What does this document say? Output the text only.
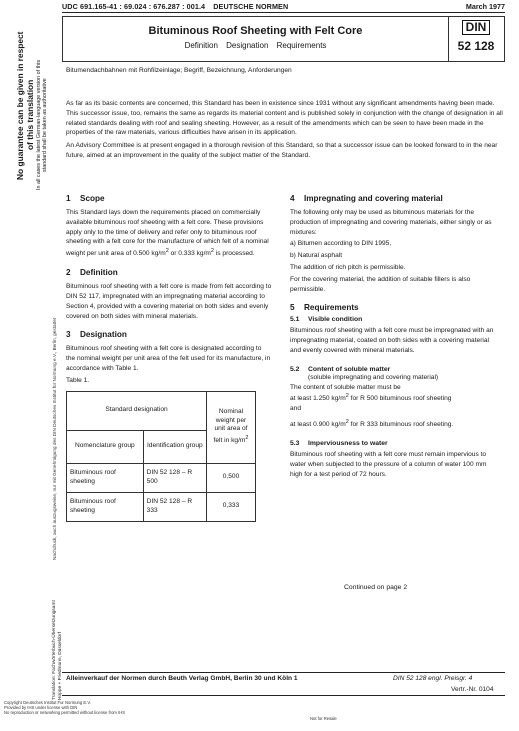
UDC 691.165-41 : 69.024 : 676.287 : 001.4 DEUTSCHE NORMEN	March 1977
Bituminous Roof Sheeting with Felt Core
Definition Designation Requirements
DIN
52 128
No guarantee can be given in respect of this translation In all cases the latest German-language version of this standard shall be taken as authoritative
Nachdruck, auch auszugsweise, nur mit Genehmigung des DIN Deutsches Institut für Normung e.V., Berlin, gestattet
Translation: Fachwörterbuch-Übersetzungsamt Hoppe + Friedmann, Düsseldorf
Bitumendachbahnen mit Rohfilzeinlage; Begriff, Bezeichnung, Anforderungen

As far as its basic contents are concerned, this Standard has been in existence since 1931 without any significant amendments having been made. This successor issue, too, remains the same as regards its material content and is published solely in conjunction with the change of designation in all related standards dealing with roof and sealing sheeting. However, as a result of the amendments which can be seen to have been made in the properties of the raw materials, various difficulties have arisen in its application.

An Advisory Committee is at present engaged in a thorough revision of this Standard, so that a successor issue can be looked forward to in the near future, aimed at an improvement in the quality of the subject matter of the Standard.

1 Scope

This Standard lays down the requirements placed on commercially available bituminous roof sheeting with a felt core. These provisions apply only to the time of delivery and refer only to bituminous roof sheeting with a felt core for the manufacture of which felt of a nominal weight per unit area of 0.500 $kg/m^2$ or 0.333 $kg/m^2$ is processed.

2 Definition

Bituminous roof sheeting with a felt core is made from felt according to DIN 52 117, impregnated with an impregnating material according to Section 4, provided with a covering material on both sides and evenly covered on both sides with mineral materials.

3 Designation

Bituminous roof sheeting with a felt core is designated according to the nominal weight per unit area of the felt used for its manufacture, in accordance with Table 1.

Table 1.

Standard designation		Nominal weight per unit area of felt in $kg/m^2$
Nomenclature group	Identification group	
Bituminous roof sheeting	DIN 52 128 – R 500	0,500
Bituminous roof sheeting	DIN 52 128 – R 333	0,333
4 Impregnating and covering material

The following only may be used as bituminous materials for the production of impregnating and covering materials, either singly or as mixtures:

a) Bitumen according to DIN 1995,

b) Natural asphalt

The addition of rich pitch is permissible.

For the covering material, the addition of suitable fillers is also permissible.

5 Requirements
5.1 Visible condition

Bituminous roof sheeting with a felt core must be impregnated with an impregnating material, coated on both sides with a covering material and evenly covered with mineral materials.

5.2 Content of soluble matter

(soluble impregnating and covering material)

The content of soluble matter must be

at least 1.250 $kg/m^2$ for R 500 bituminous roof sheeting

and

at least 0.900 $kg/m^2$ for R 333 bituminous roof sheeting.

5.3 Imperviousness to water

Bituminous roof sheeting with a felt core must remain impervious to water when subjected to the pressure of a column of water 100 mm high for a test period of 72 hours.

Continued on page 2
Alleinverkauf der Normen durch Beuth Verlag GmbH, Berlin 30 und Köln 1	DIN 52 128 engl. Preisgr. 4
Vertr.-Nr. 0104
Copyright Deutsches Institut Fur Normung E.V.
Provided by IHS under license with DIN
No reproduction or networking permitted without license from IHS
Not for Resale
